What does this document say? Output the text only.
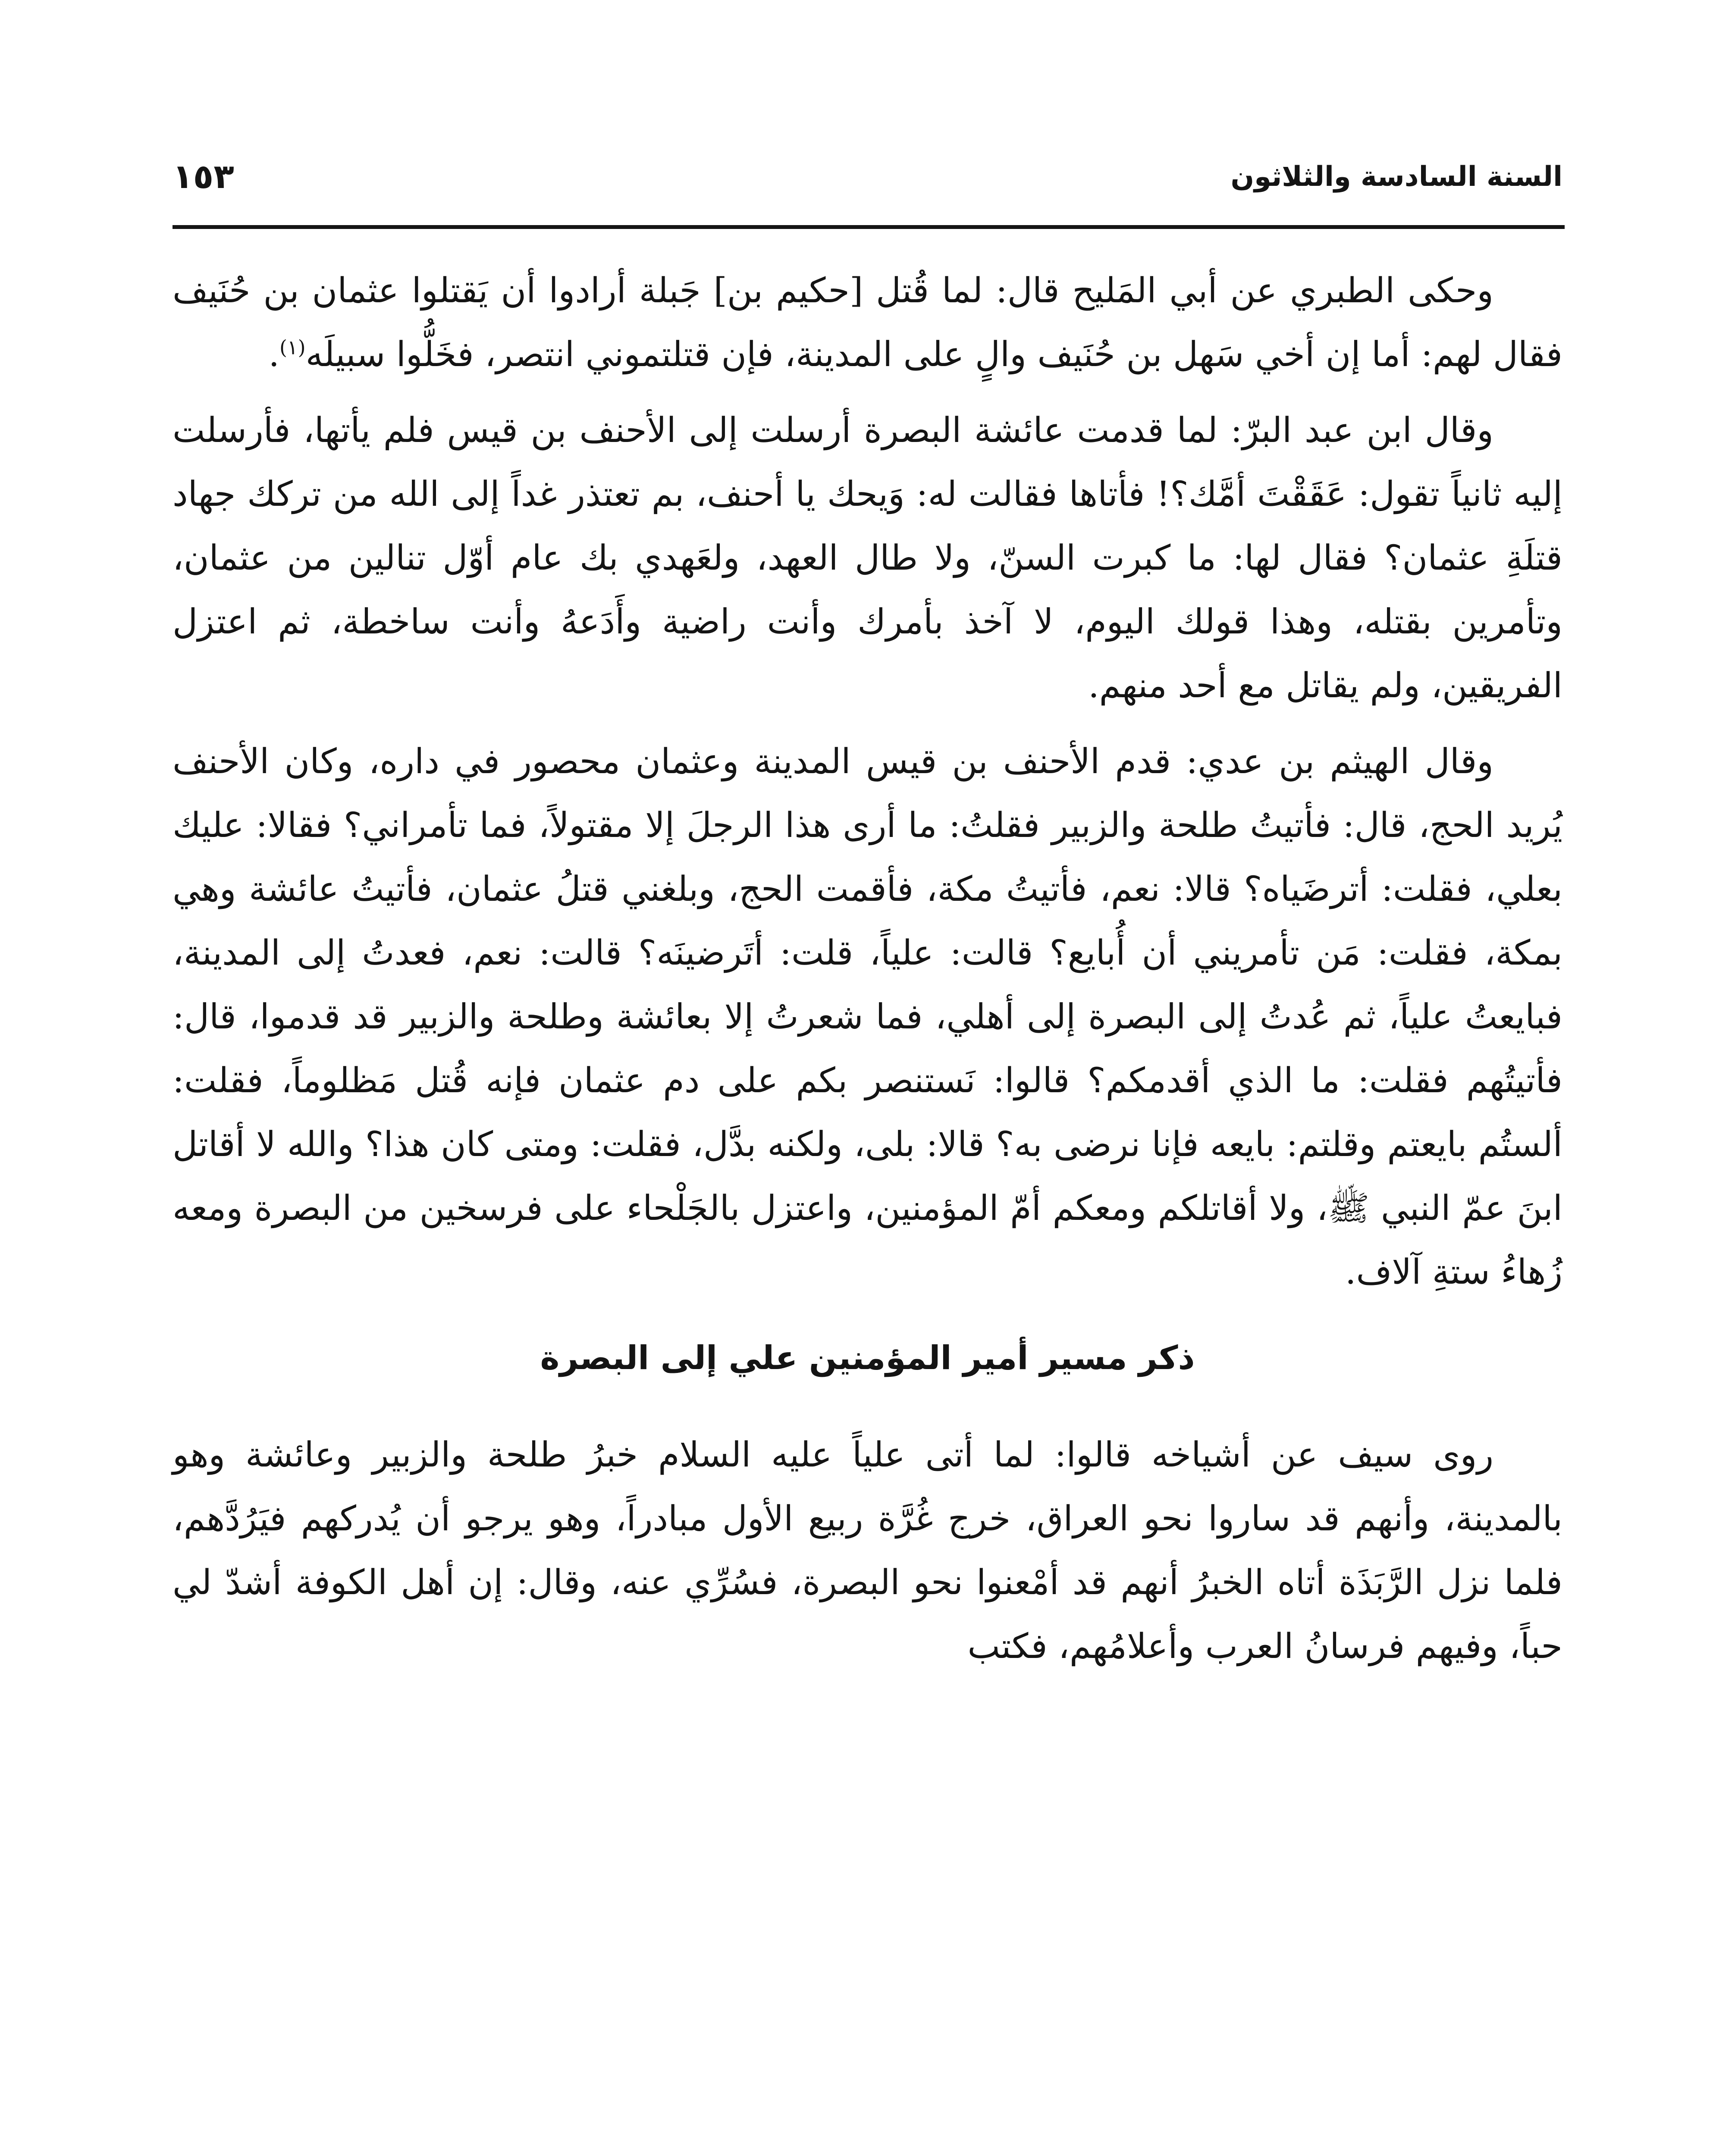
السنة السادسة والثلاثون
١٥٣

وحكى الطبري عن أبي المَليح قال: لما قُتل [حكيم بن] جَبلة أرادوا أن يَقتلوا عثمان بن حُنَيف فقال لهم: أما إن أخي سَهل بن حُنَيف والٍ على المدينة، فإن قتلتموني انتصر، فخَلُّوا سبيلَه$^{(١)}$.

وقال ابن عبد البرّ: لما قدمت عائشة البصرة أرسلت إلى الأحنف بن قيس فلم يأتها، فأرسلت إليه ثانياً تقول: عَقَقْتَ أمَّك؟! فأتاها فقالت له: وَيحك يا أحنف، بم تعتذر غداً إلى الله من تركك جهاد قتلَةِ عثمان؟ فقال لها: ما كبرت السنّ، ولا طال العهد، ولعَهدي بك عام أوّل تنالين من عثمان، وتأمرين بقتله، وهذا قولك اليوم، لا آخذ بأمرك وأنت راضية وأَدَعهُ وأنت ساخطة، ثم اعتزل الفريقين، ولم يقاتل مع أحد منهم.

وقال الهيثم بن عدي: قدم الأحنف بن قيس المدينة وعثمان محصور في داره، وكان الأحنف يُريد الحج، قال: فأتيتُ طلحة والزبير فقلتُ: ما أرى هذا الرجلَ إلا مقتولاً، فما تأمراني؟ فقالا: عليك بعلي، فقلت: أترضَياه؟ قالا: نعم، فأتيتُ مكة، فأقمت الحج، وبلغني قتلُ عثمان، فأتيتُ عائشة وهي بمكة، فقلت: مَن تأمريني أن أُبايع؟ قالت: علياً، قلت: أتَرضينَه؟ قالت: نعم، فعدتُ إلى المدينة، فبايعتُ علياً، ثم عُدتُ إلى البصرة إلى أهلي، فما شعرتُ إلا بعائشة وطلحة والزبير قد قدموا، قال: فأتيتُهم فقلت: ما الذي أقدمكم؟ قالوا: نَستنصر بكم على دم عثمان فإنه قُتل مَظلوماً، فقلت: ألستُم بايعتم وقلتم: بايعه فإنا نرضى به؟ قالا: بلى، ولكنه بدَّل، فقلت: ومتى كان هذا؟ والله لا أقاتل ابنَ عمّ النبي ﷺ، ولا أقاتلكم ومعكم أمّ المؤمنين، واعتزل بالجَلْحاء على فرسخين من البصرة ومعه زُهاءُ ستةِ آلاف.

ذكر مسير أمير المؤمنين علي إلى البصرة

روى سيف عن أشياخه قالوا: لما أتى علياً عليه السلام خبرُ طلحة والزبير وعائشة وهو بالمدينة، وأنهم قد ساروا نحو العراق، خرج غُرَّة ربيع الأول مبادراً، وهو يرجو أن يُدركهم فيَرُدَّهم، فلما نزل الرَّبَذَة أتاه الخبرُ أنهم قد أمْعنوا نحو البصرة، فسُرِّي عنه، وقال: إن أهل الكوفة أشدّ لي حباً، وفيهم فرسانُ العرب وأعلامُهم، فكتب
